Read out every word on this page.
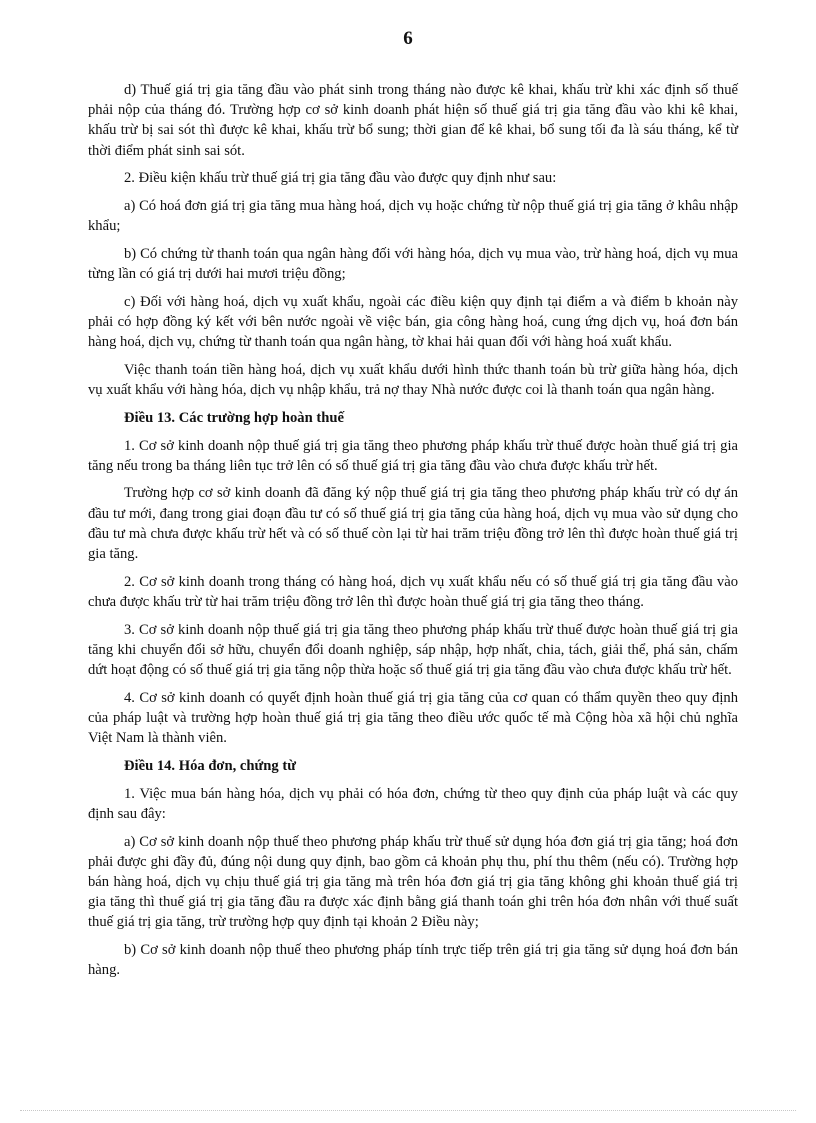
6

d) Thuế giá trị gia tăng đầu vào phát sinh trong tháng nào được kê khai, khấu trừ khi xác định số thuế phải nộp của tháng đó. Trường hợp cơ sở kinh doanh phát hiện số thuế giá trị gia tăng đầu vào khi kê khai, khấu trừ bị sai sót thì được kê khai, khấu trừ bổ sung; thời gian để kê khai, bổ sung tối đa là sáu tháng, kể từ thời điểm phát sinh sai sót.

2. Điều kiện khấu trừ thuế giá trị gia tăng đầu vào được quy định như sau:

a) Có hoá đơn giá trị gia tăng mua hàng hoá, dịch vụ hoặc chứng từ nộp thuế giá trị gia tăng ở khâu nhập khẩu;

b) Có chứng từ thanh toán qua ngân hàng đối với hàng hóa, dịch vụ mua vào, trừ hàng hoá, dịch vụ mua từng lần có giá trị dưới hai mươi triệu đồng;

c) Đối với hàng hoá, dịch vụ xuất khẩu, ngoài các điều kiện quy định tại điểm a và điểm b khoản này phải có hợp đồng ký kết với bên nước ngoài về việc bán, gia công hàng hoá, cung ứng dịch vụ, hoá đơn bán hàng hoá, dịch vụ, chứng từ thanh toán qua ngân hàng, tờ khai hải quan đối với hàng hoá xuất khẩu.

Việc thanh toán tiền hàng hoá, dịch vụ xuất khẩu dưới hình thức thanh toán bù trừ giữa hàng hóa, dịch vụ xuất khẩu với hàng hóa, dịch vụ nhập khẩu, trả nợ thay Nhà nước được coi là thanh toán qua ngân hàng.

Điều 13. Các trường hợp hoàn thuế

1. Cơ sở kinh doanh nộp thuế giá trị gia tăng theo phương pháp khấu trừ thuế được hoàn thuế giá trị gia tăng nếu trong ba tháng liên tục trở lên có số thuế giá trị gia tăng đầu vào chưa được khấu trừ hết.

Trường hợp cơ sở kinh doanh đã đăng ký nộp thuế giá trị gia tăng theo phương pháp khấu trừ có dự án đầu tư mới, đang trong giai đoạn đầu tư có số thuế giá trị gia tăng của hàng hoá, dịch vụ mua vào sử dụng cho đầu tư mà chưa được khấu trừ hết và có số thuế còn lại từ hai trăm triệu đồng trở lên thì được hoàn thuế giá trị gia tăng.

2. Cơ sở kinh doanh trong tháng có hàng hoá, dịch vụ xuất khẩu nếu có số thuế giá trị gia tăng đầu vào chưa được khấu trừ từ hai trăm triệu đồng trở lên thì được hoàn thuế giá trị gia tăng theo tháng.

3. Cơ sở kinh doanh nộp thuế giá trị gia tăng theo phương pháp khấu trừ thuế được hoàn thuế giá trị gia tăng khi chuyển đổi sở hữu, chuyển đổi doanh nghiệp, sáp nhập, hợp nhất, chia, tách, giải thể, phá sản, chấm dứt hoạt động có số thuế giá trị gia tăng nộp thừa hoặc số thuế giá trị gia tăng đầu vào chưa được khấu trừ hết.

4. Cơ sở kinh doanh có quyết định hoàn thuế giá trị gia tăng của cơ quan có thẩm quyền theo quy định của pháp luật và trường hợp hoàn thuế giá trị gia tăng theo điều ước quốc tế mà Cộng hòa xã hội chủ nghĩa Việt Nam là thành viên.

Điều 14. Hóa đơn, chứng từ

1. Việc mua bán hàng hóa, dịch vụ phải có hóa đơn, chứng từ theo quy định của pháp luật và các quy định sau đây:

a) Cơ sở kinh doanh nộp thuế theo phương pháp khấu trừ thuế sử dụng hóa đơn giá trị gia tăng; hoá đơn phải được ghi đầy đủ, đúng nội dung quy định, bao gồm cả khoản phụ thu, phí thu thêm (nếu có). Trường hợp bán hàng hoá, dịch vụ chịu thuế giá trị gia tăng mà trên hóa đơn giá trị gia tăng không ghi khoản thuế giá trị gia tăng thì thuế giá trị gia tăng đầu ra được xác định bằng giá thanh toán ghi trên hóa đơn nhân với thuế suất thuế giá trị gia tăng, trừ trường hợp quy định tại khoản 2 Điều này;

b) Cơ sở kinh doanh nộp thuế theo phương pháp tính trực tiếp trên giá trị gia tăng sử dụng hoá đơn bán hàng.
